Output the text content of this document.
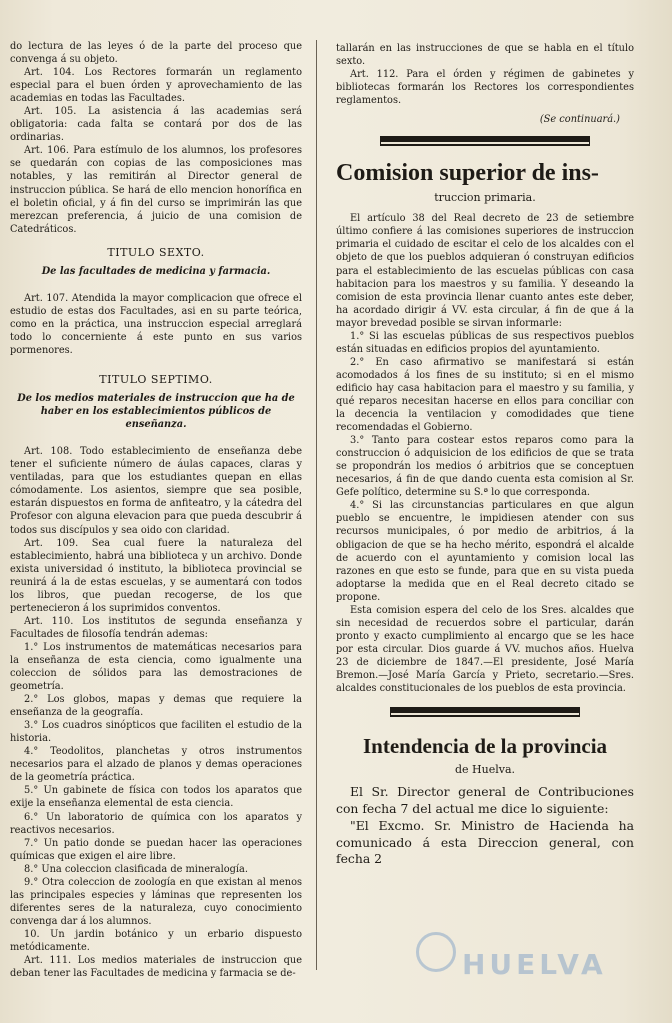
do lectura de las leyes ó de la parte del proceso que convenga á su objeto.

Art. 104. Los Rectores formarán un reglamento especial para el buen órden y aprovechamiento de las academias en todas las Facultades.

Art. 105. La asistencia á las academias será obligatoria: cada falta se contará por dos de las ordinarias.

Art. 106. Para estímulo de los alumnos, los profesores se quedarán con copias de las composiciones mas notables, y las remitirán al Director general de instruccion pública. Se hará de ello mencion honorífica en el boletin oficial, y á fin del curso se imprimirán las que merezcan preferencia, á juicio de una comision de Catedráticos.

TITULO SEXTO.
De las facultades de medicina y farmacia.

Art. 107. Atendida la mayor complicacion que ofrece el estudio de estas dos Facultades, asi en su parte teórica, como en la práctica, una instruccion especial arreglará todo lo concerniente á este punto en sus varios pormenores.

TITULO SEPTIMO.
De los medios materiales de instruccion que ha de haber en los establecimientos públicos de enseñanza.

Art. 108. Todo establecimiento de enseñanza debe tener el suficiente número de áulas capaces, claras y ventiladas, para que los estudiantes quepan en ellas cómodamente. Los asientos, siempre que sea posible, estarán dispuestos en forma de anfiteatro, y la cátedra del Profesor con alguna elevacion para que pueda descubrir á todos sus discípulos y sea oido con claridad.

Art. 109. Sea cual fuere la naturaleza del establecimiento, habrá una biblioteca y un archivo. Donde exista universidad ó instituto, la biblioteca provincial se reunirá á la de estas escuelas, y se aumentará con todos los libros, que puedan recogerse, de los que pertenecieron á los suprimidos conventos.

Art. 110. Los institutos de segunda enseñanza y Facultades de filosofía tendrán ademas:

1.° Los instrumentos de matemáticas necesarios para la enseñanza de esta ciencia, como igualmente una coleccion de sólidos para las demostraciones de geometría.

2.° Los globos, mapas y demas que requiere la enseñanza de la geografía.

3.° Los cuadros sinópticos que faciliten el estudio de la historia.

4.° Teodolitos, planchetas y otros instrumentos necesarios para el alzado de planos y demas operaciones de la geometría práctica.

5.° Un gabinete de física con todos los aparatos que exije la enseñanza elemental de esta ciencia.

6.° Un laboratorio de química con los aparatos y reactivos necesarios.

7.° Un patio donde se puedan hacer las operaciones químicas que exigen el aire libre.

8.° Una coleccion clasificada de mineralogía.

9.° Otra coleccion de zoología en que existan al menos las principales especies y láminas que representen los diferentes seres de la naturaleza, cuyo conocimiento convenga dar á los alumnos.

10. Un jardin botánico y un erbario dispuesto metódicamente.

Art. 111. Los medios materiales de instruccion que deban tener las Facultades de medicina y farmacia se de-

tallarán en las instrucciones de que se habla en el título sexto.

Art. 112. Para el órden y régimen de gabinetes y bibliotecas formarán los Rectores los correspondientes reglamentos.

(Se continuará.)
Comision superior de ins-
truccion primaria.

El artículo 38 del Real decreto de 23 de setiembre último confiere á las comisiones superiores de instruccion primaria el cuidado de escitar el celo de los alcaldes con el objeto de que los pueblos adquieran ó construyan edificios para el establecimiento de las escuelas públicas con casa habitacion para los maestros y su familia. Y deseando la comision de esta provincia llenar cuanto antes este deber, ha acordado dirigir á VV. esta circular, á fin de que á la mayor brevedad posible se sirvan informarle:

1.° Si las escuelas públicas de sus respectivos pueblos están situadas en edificios propios del ayuntamiento.

2.° En caso afirmativo se manifestará si están acomodados á los fines de su instituto; si en el mismo edificio hay casa habitacion para el maestro y su familia, y qué reparos necesitan hacerse en ellos para conciliar con la decencia la ventilacion y comodidades que tiene recomendadas el Gobierno.

3.° Tanto para costear estos reparos como para la construccion ó adquisicion de los edificios de que se trata se propondrán los medios ó arbitrios que se conceptuen necesarios, á fin de que dando cuenta esta comision al Sr. Gefe político, determine su S.ª lo que corresponda.

4.° Si las circunstancias particulares en que algun pueblo se encuentre, le impidiesen atender con sus recursos municipales, ó por medio de arbitrios, á la obligacion de que se ha hecho mérito, espondrá el alcalde de acuerdo con el ayuntamiento y comision local las razones en que esto se funde, para que en su vista pueda adoptarse la medida que en el Real decreto citado se propone.

Esta comision espera del celo de los Sres. alcaldes que sin necesidad de recuerdos sobre el particular, darán pronto y exacto cumplimiento al encargo que se les hace por esta circular. Dios guarde á VV. muchos años. Huelva 23 de diciembre de 1847.—El presidente, José María Bremon.—José María García y Prieto, secretario.—Sres. alcaldes constitucionales de los pueblos de esta provincia.

Intendencia de la provincia
de Huelva.

El Sr. Director general de Contribuciones con fecha 7 del actual me dice lo siguiente:

"El Excmo. Sr. Ministro de Hacienda ha comunicado á esta Direccion general, con fecha 2

HUELVA
